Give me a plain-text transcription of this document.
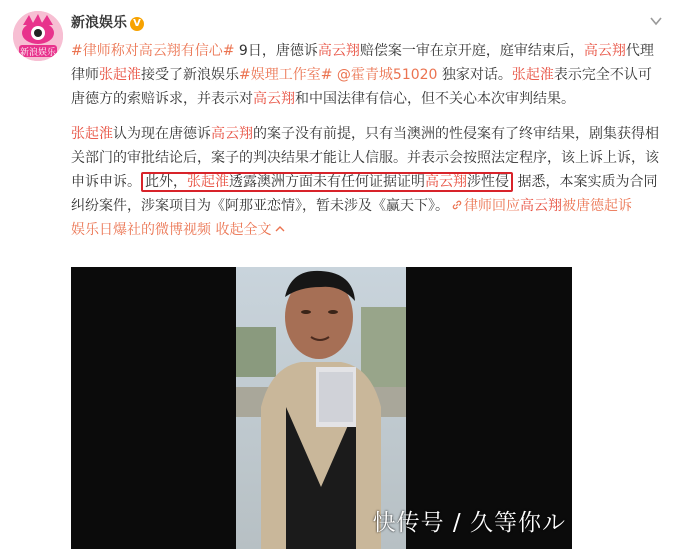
新浪娱乐
新浪娱乐 V

#律师称对高云翔有信心# 9日，唐德诉高云翔赔偿案一审在京开庭，庭审结束后，高云翔代理律师张起淮接受了新浪娱乐#娱理工作室# @霍青城51020 独家对话。张起淮表示完全不认可唐德方的索赔诉求，并表示对高云翔和中国法律有信心，但不关心本次审判结果。

张起淮认为现在唐德诉高云翔的案子没有前提，只有当澳洲的性侵案有了终审结果，剧集获得相关部门的审批结论后，案子的判决结果才能让人信服。并表示会按照法定程序，该上诉上诉，该申诉申诉。 此外，张起淮透露澳洲方面未有任何证据证明高云翔涉性侵 据悉，本案实质为合同纠纷案件，涉案项目为《阿那亚恋情》，暂未涉及《赢天下》。 律师回应高云翔被唐德起诉
娱乐日爆社的微博视频 收起全文

快传号 / 久等你ル
